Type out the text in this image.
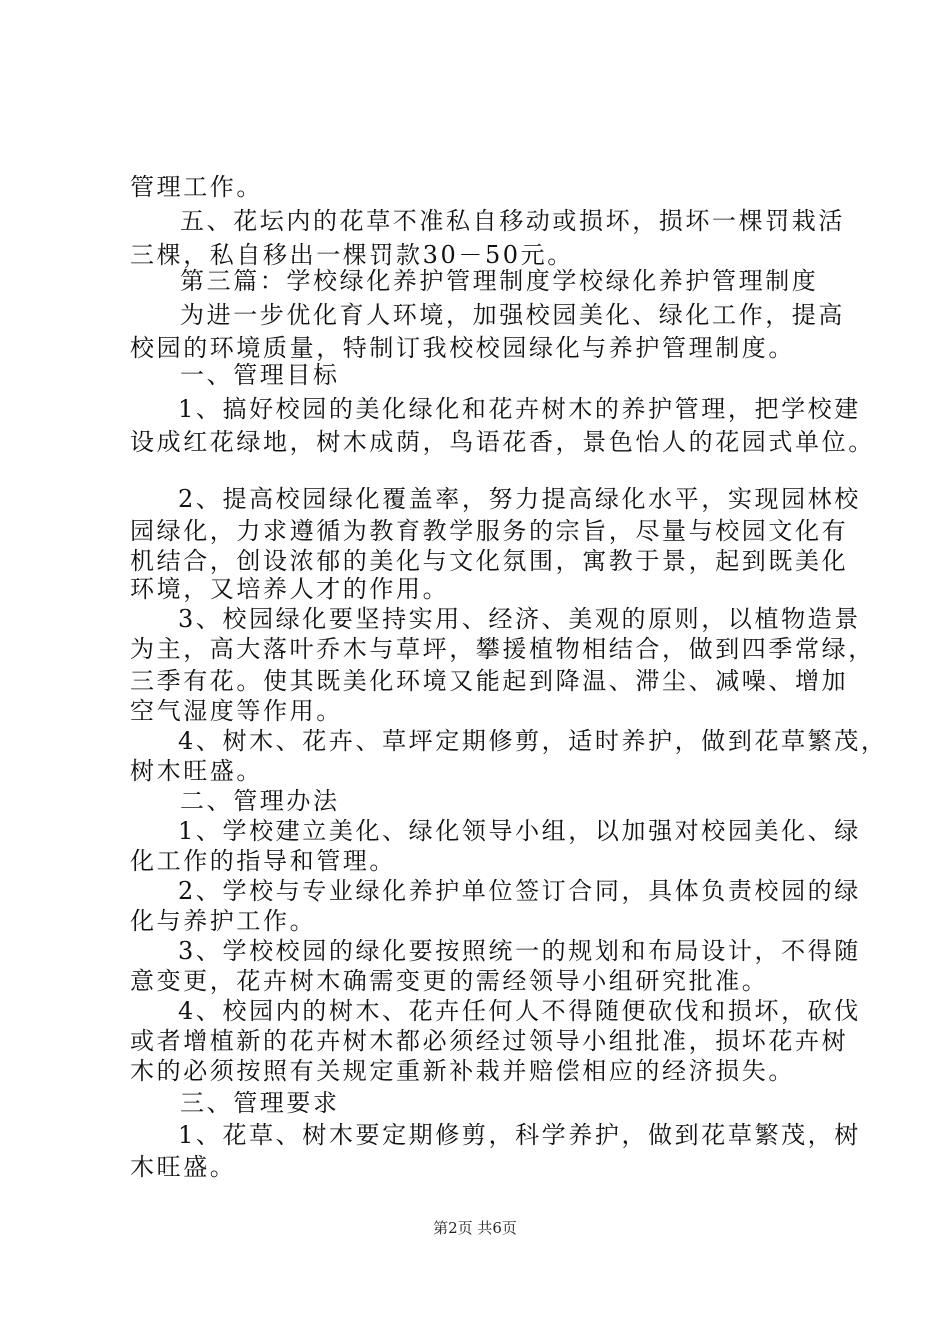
管理工作。
五、花坛内的花草不准私自移动或损坏，损坏一棵罚栽活
三棵，私自移出一棵罚款30－50元。
第三篇：学校绿化养护管理制度学校绿化养护管理制度
为进一步优化育人环境，加强校园美化、绿化工作，提高
校园的环境质量，特制订我校校园绿化与养护管理制度。
一、管理目标
1、搞好校园的美化绿化和花卉树木的养护管理，把学校建
设成红花绿地，树木成荫，鸟语花香，景色怡人的花园式单位。
2、提高校园绿化覆盖率，努力提高绿化水平，实现园林校
园绿化，力求遵循为教育教学服务的宗旨，尽量与校园文化有
机结合，创设浓郁的美化与文化氛围，寓教于景，起到既美化
环境，又培养人才的作用。
3、校园绿化要坚持实用、经济、美观的原则，以植物造景
为主，高大落叶乔木与草坪，攀援植物相结合，做到四季常绿，
三季有花。使其既美化环境又能起到降温、滞尘、减噪、增加
空气湿度等作用。
4、树木、花卉、草坪定期修剪，适时养护，做到花草繁茂，
树木旺盛。
二、管理办法
1、学校建立美化、绿化领导小组，以加强对校园美化、绿
化工作的指导和管理。
2、学校与专业绿化养护单位签订合同，具体负责校园的绿
化与养护工作。
3、学校校园的绿化要按照统一的规划和布局设计，不得随
意变更，花卉树木确需变更的需经领导小组研究批准。
4、校园内的树木、花卉任何人不得随便砍伐和损坏，砍伐
或者增植新的花卉树木都必须经过领导小组批准，损坏花卉树
木的必须按照有关规定重新补栽并赔偿相应的经济损失。
三、管理要求
1、花草、树木要定期修剪，科学养护，做到花草繁茂，树
木旺盛。
第2页 共6页
